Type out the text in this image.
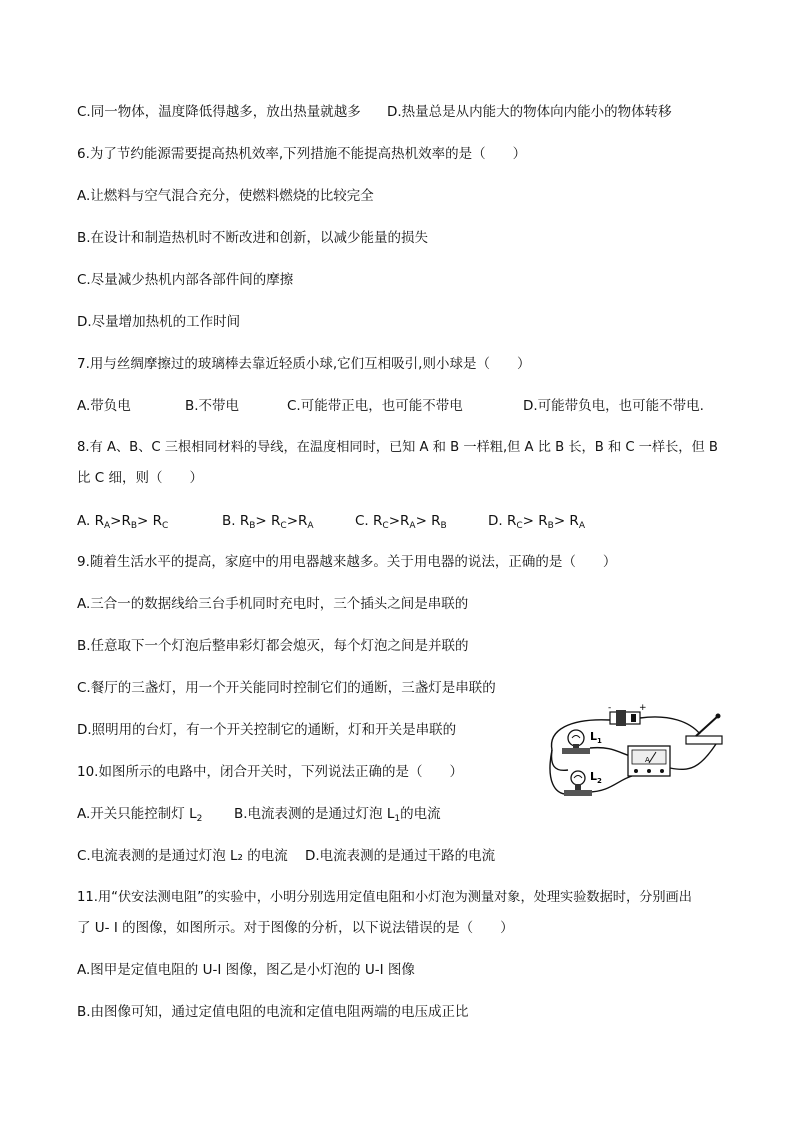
C.同一物体，温度降低得越多，放出热量就越多 D.热量总是从内能大的物体向内能小的物体转移
6.为了节约能源需要提高热机效率,下列措施不能提高热机效率的是（　　）
A.让燃料与空气混合充分，使燃料燃烧的比较完全
B.在设计和制造热机时不断改进和创新，以减少能量的损失
C.尽量减少热机内部各部件间的摩擦
D.尽量增加热机的工作时间
7.用与丝绸摩擦过的玻璃棒去靠近轻质小球,它们互相吸引,则小球是（　　）
A.带负电	B.不带电	C.可能带正电，也可能不带电	D.可能带负电，也可能不带电.
8.有 A、B、C 三根相同材料的导线，在温度相同时，已知 A 和 B 一样粗,但 A 比 B 长，B 和 C 一样长，但 B
比 C 细，则（　　）
A. $R_A>R_B> R_C$	B. $R_B> R_C>R_A$	C. $R_C>R_A> R_B$	D. $R_C> R_B> R_A$
9.随着生活水平的提高，家庭中的用电器越来越多。关于用电器的说法，正确的是（　　）
A.三合一的数据线给三台手机同时充电时，三个插头之间是串联的
B.任意取下一个灯泡后整串彩灯都会熄灭，每个灯泡之间是并联的
C.餐厅的三盏灯，用一个开关能同时控制它们的通断，三盏灯是串联的
D.照明用的台灯，有一个开关控制它的通断，灯和开关是串联的
10.如图所示的电路中，闭合开关时，下列说法正确的是（　　）
A.开关只能控制灯 $L_2$ B.电流表测的是通过灯泡 $L_1$的电流
C.电流表测的是通过灯泡 L₂ 的电流 D.电流表测的是通过干路的电流
11.用“伏安法测电阻”的实验中，小明分别选用定值电阻和小灯泡为测量对象，处理实验数据时，分别画出
了 U- I 的图像，如图所示。对于图像的分析，以下说法错误的是（　　）
A.图甲是定值电阻的 U-I 图像，图乙是小灯泡的 U-I 图像
B.由图像可知，通过定值电阻的电流和定值电阻两端的电压成正比
-	+
$L_1$
$L_2$
A
